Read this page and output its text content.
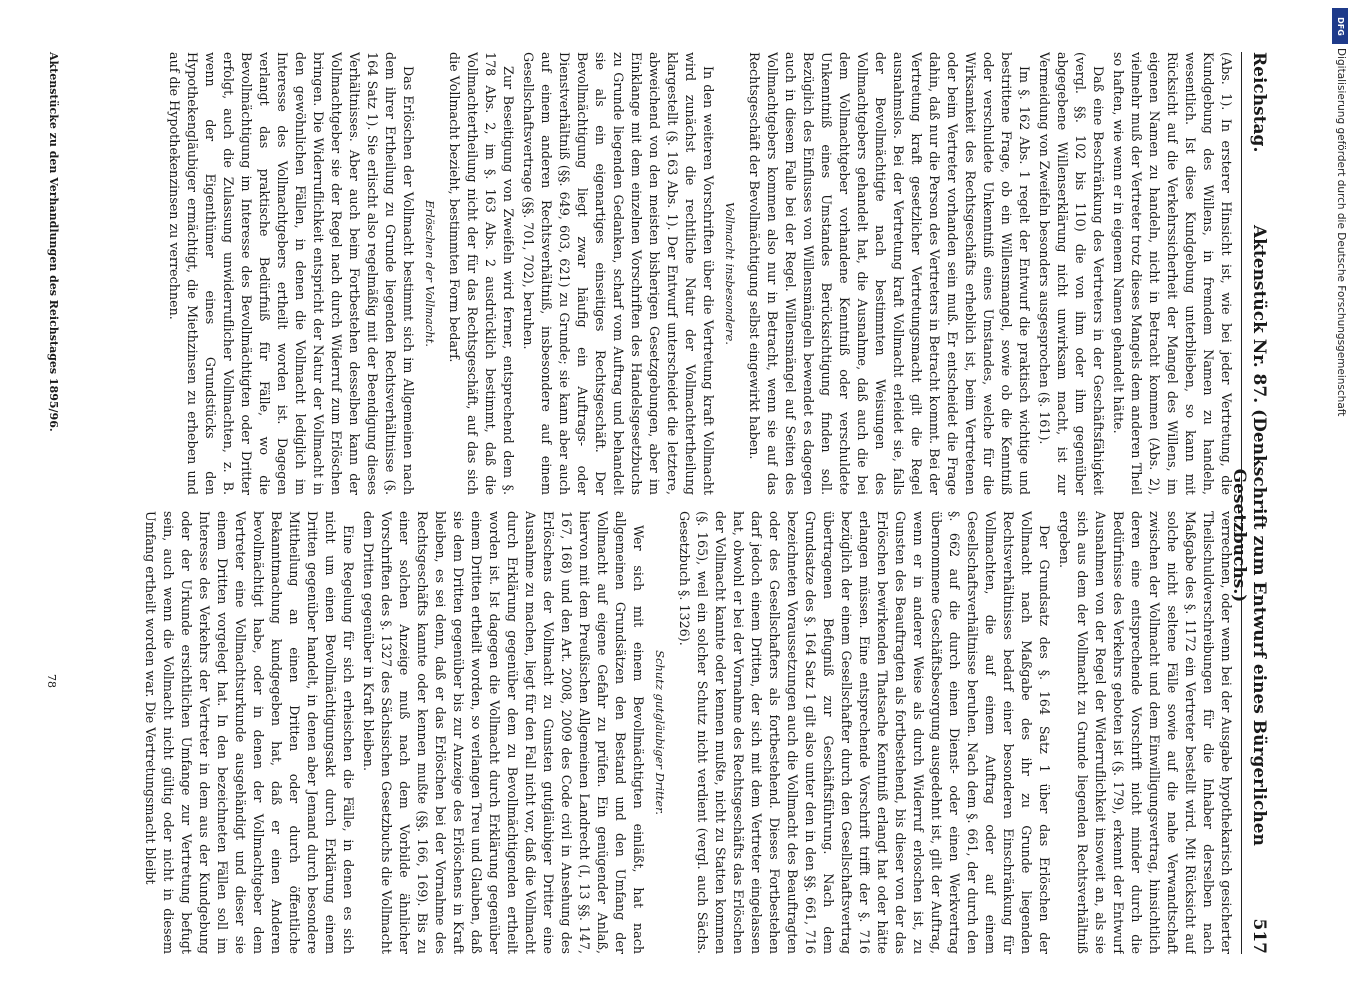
Reichstag.
Aktenstück Nr. 87. (Denkschrift zum Entwurf eines Bürgerlichen Gesetzbuchs.)
517

(Abs. 1). In ersterer Hinsicht ist, wie bei jeder Vertretung, die Kundgebung des Willens, in fremdem Namen zu handeln, wesentlich. Ist diese Kundgebung unterblieben, so kann mit Rücksicht auf die Verkehrssicherheit der Mangel des Willens, im eigenen Namen zu handeln, nicht in Betracht kommen (Abs. 2), vielmehr muß der Vertreter trotz dieses Mangels dem anderen Theil so haften, wie wenn er in eigenem Namen gehandelt hätte.

Daß eine Beschränkung des Vertreters in der Geschäftsfähigkeit (vergl. §§. 102 bis 110) die von ihm oder ihm gegenüber abgegebene Willenserklärung nicht unwirksam macht, ist zur Vermeidung von Zweifeln besonders ausgesprochen (§. 161).

Im §. 162 Abs. 1 regelt der Entwurf die praktisch wichtige und bestrittene Frage, ob ein Willensmangel, sowie ob die Kenntniß oder verschuldete Unkenntniß eines Umstandes, welche für die Wirksamkeit des Rechtsgeschäfts erheblich ist, beim Vertretenen oder beim Vertreter vorhanden sein muß. Er entscheidet die Frage dahin, daß nur die Person des Vertreters in Betracht kommt. Bei der Vertretung kraft gesetzlicher Vertretungsmacht gilt die Regel ausnahmslos. Bei der Vertretung kraft Vollmacht erleidet sie, falls der Bevollmächtigte nach bestimmten Weisungen des Vollmachtgebers gehandelt hat, die Ausnahme, daß auch die bei dem Vollmachtgeber vorhandene Kenntniß oder verschuldete Unkenntniß eines Umstandes Berücksichtigung finden soll. Bezüglich des Einflusses von Willensmängeln bewendet es dagegen auch in diesem Falle bei der Regel. Willensmängel auf Seiten des Vollmachtgebers kommen also nur in Betracht, wenn sie auf das Rechtsgeschäft der Bevollmächtigung selbst eingewirkt haben.

Vollmacht insbesondere.

In den weiteren Vorschriften über die Vertretung kraft Vollmacht wird zunächst die rechtliche Natur der Vollmachtertheilung klargestellt (§. 163 Abs. 1). Der Entwurf unterscheidet die letztere, abweichend von den meisten bisherigen Gesetzgebungen, aber im Einklange mit dem einzelnen Vorschriften des Handelsgesetzbuchs zu Grunde liegenden Gedanken, scharf vom Auftrag und behandelt sie als ein eigenartiges einseitiges Rechtsgeschäft. Der Bevollmächtigung liegt zwar häufig ein Auftrags- oder Dienstverhältniß (§§. 649, 603, 621) zu Grunde; sie kann aber auch auf einem anderen Rechtsverhältniß, insbesondere auf einem Gesellschaftsvertrage (§§. 701, 702), beruhen.

Zur Beseitigung von Zweifeln wird ferner, entsprechend dem §. 178 Abs. 2, im §. 163 Abs. 2 ausdrücklich bestimmt, daß die Vollmachtertheilung nicht der für das Rechtsgeschäft, auf das sich die Vollmacht bezieht, bestimmten Form bedarf.

Erlöschen der Vollmacht.

Das Erlöschen der Vollmacht bestimmt sich im Allgemeinen nach dem ihrer Ertheilung zu Grunde liegenden Rechtsverhältnisse (§. 164 Satz 1). Sie erlischt also regelmäßig mit der Beendigung dieses Verhältnisses. Aber auch beim Fortbestehen desselben kann der Vollmachtgeber sie der Regel nach durch Widerruf zum Erlöschen bringen. Die Widerruflichkeit entspricht der Natur der Vollmacht in den gewöhnlichen Fällen, in denen die Vollmacht lediglich im Interesse des Vollmachtgebers ertheilt worden ist. Dagegen verlangt das praktische Bedürfniß für Fälle, wo die Bevollmächtigung im Interesse des Bevollmächtigten oder Dritter erfolgt, auch die Zulassung unwiderruflicher Vollmachten, z. B. wenn der Eigenthümer eines Grundstücks den Hypothekengläubiger ermächtigt, die Miethzinsen zu erheben und auf die Hypothekenzinsen zu verrechnen.

verrechnen, oder wenn bei der Ausgabe hypothekarisch gesicherter Theilschuldverschreibungen für die Inhaber derselben nach Maßgabe des §. 1172 ein Vertreter bestellt wird. Mit Rücksicht auf solche nicht seltene Fälle sowie auf die nahe Verwandtschaft zwischen der Vollmacht und dem Einwilligungsvertrag, hinsichtlich deren eine entsprechende Vorschrift nicht minder durch die Bedürfnisse des Verkehrs geboten ist (§. 179), erkennt der Entwurf Ausnahmen von der Regel der Widerruflichkeit insoweit an, als sie sich aus dem der Vollmacht zu Grunde liegenden Rechtsverhältniß ergeben.

Der Grundsatz des §. 164 Satz 1 über das Erlöschen der Vollmacht nach Maßgabe des ihr zu Grunde liegenden Rechtsverhältnisses bedarf einer besonderen Einschränkung für Vollmachten, die auf einem Auftrag oder auf einem Gesellschaftsverhältnisse beruhen. Nach dem §. 661, der durch den §. 662 auf die durch einen Dienst- oder einen Werkvertrag übernommene Geschäftsbesorgung ausgedehnt ist, gilt der Auftrag, wenn er in anderer Weise als durch Widerruf erloschen ist, zu Gunsten des Beauftragten als fortbestehend, bis dieser von der das Erlöschen bewirkenden Thatsache Kenntniß erlangt hat oder hätte erlangen müssen. Eine entsprechende Vorschrift trifft der §. 716 bezüglich der einem Gesellschafter durch den Gesellschaftsvertrag übertragenen Befugniß zur Geschäftsführung. Nach dem Grundsatze des §. 164 Satz 1 gilt also unter den in den §§. 661, 716 bezeichneten Voraussetzungen auch die Vollmacht des Beauftragten oder des Gesellschafters als fortbestehend. Dieses Fortbestehen darf jedoch einem Dritten, der sich mit dem Vertreter eingelassen hat, obwohl er bei der Vornahme des Rechtsgeschäfts das Erlöschen der Vollmacht kannte oder kennen mußte, nicht zu Statten kommen (§. 165), weil ein solcher Schutz nicht verdient (vergl. auch Sächs. Gesetzbuch §. 1326).

Schutz gutgläubiger Dritter.

Wer sich mit einem Bevollmächtigten einläßt, hat nach allgemeinen Grundsätzen den Bestand und den Umfang der Vollmacht auf eigene Gefahr zu prüfen. Ein genügender Anlaß, hiervon mit dem Preußischen Allgemeinen Landrecht (I, 13 §§. 147, 167, 168) und den Art. 2008, 2009 des Code civil in Ansehung des Erlöschens der Vollmacht zu Gunsten gutgläubiger Dritter eine Ausnahme zu machen, liegt für den Fall nicht vor, daß die Vollmacht durch Erklärung gegenüber dem zu Bevollmächtigenden ertheilt worden ist. Ist dagegen die Vollmacht durch Erklärung gegenüber einem Dritten ertheilt worden, so verlangen Treu und Glauben, daß sie dem Dritten gegenüber bis zur Anzeige des Erlöschens in Kraft bleiben, es sei denn, daß er das Erlöschen bei der Vornahme des Rechtsgeschäfts kannte oder kennen mußte (§§. 166, 169). Bis zu einer solchen Anzeige muß nach dem Vorbilde ähnlicher Vorschriften des §. 1327 des Sächsischen Gesetzbuchs die Vollmacht dem Dritten gegenüber in Kraft bleiben.

Eine Regelung für sich erheischen die Fälle, in denen es sich nicht um einen Bevollmächtigungsakt durch Erklärung einem Dritten gegenüber handelt, in denen aber Jemand durch besondere Mittheilung an einen Dritten oder durch öffentliche Bekanntmachung kundgegeben hat, daß er einen Anderen bevollmächtigt habe, oder in denen der Vollmachtgeber dem Vertreter eine Vollmachtsurkunde ausgehändigt und dieser sie einem Dritten vorgelegt hat. In den bezeichneten Fällen soll im Interesse des Verkehrs der Vertreter in dem aus der Kundgebung oder der Urkunde ersichtlichen Umfange zur Vertretung befugt sein, auch wenn die Vollmacht nicht gültig oder nicht in diesem Umfang ertheilt worden war. Die Vertretungsmacht bleibt

Aktenstücke zu den Verhandlungen des Reichstages 1895/96.
78
DFG
Digitalisierung gefördert durch die Deutsche Forschungsgemeinschaft
